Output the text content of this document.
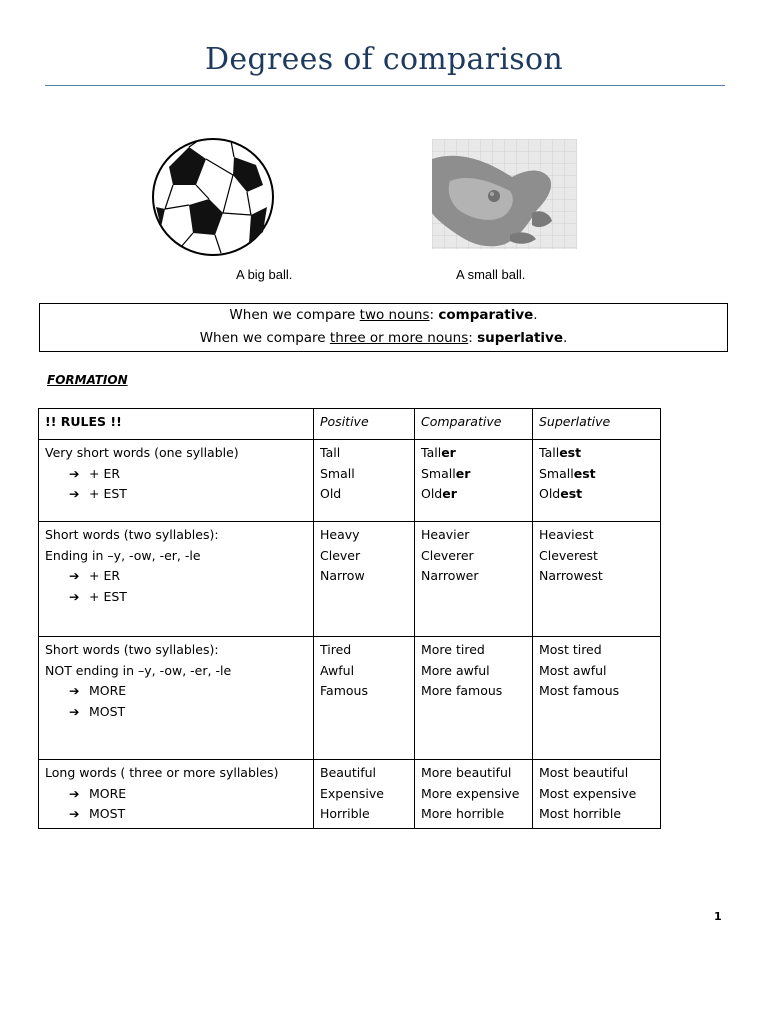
Degrees of comparison
A big ball.	A small ball.
When we compare two nouns: comparative.
When we compare three or more nouns: superlative.
FORMATION
!! RULES !!	Positive	Comparative	Superlative

Very short words (one syllable)
➔ + ER
➔ + EST	Tall
Small
Old	Taller
Smaller
Older	Tallest
Smallest
Oldest

Short words (two syllables):
Ending in –y, -ow, -er, -le
➔ + ER
➔ + EST	Heavy
Clever
Narrow	Heavier
Cleverer
Narrower	Heaviest
Cleverest
Narrowest

Short words (two syllables):
NOT ending in –y, -ow, -er, -le
➔ MORE
➔ MOST	Tired
Awful
Famous	More tired
More awful
More famous	Most tired
Most awful
Most famous

Long words ( three or more syllables)
➔ MORE
➔ MOST	Beautiful
Expensive
Horrible	More beautiful
More expensive
More horrible	Most beautiful
Most expensive
Most horrible
1
